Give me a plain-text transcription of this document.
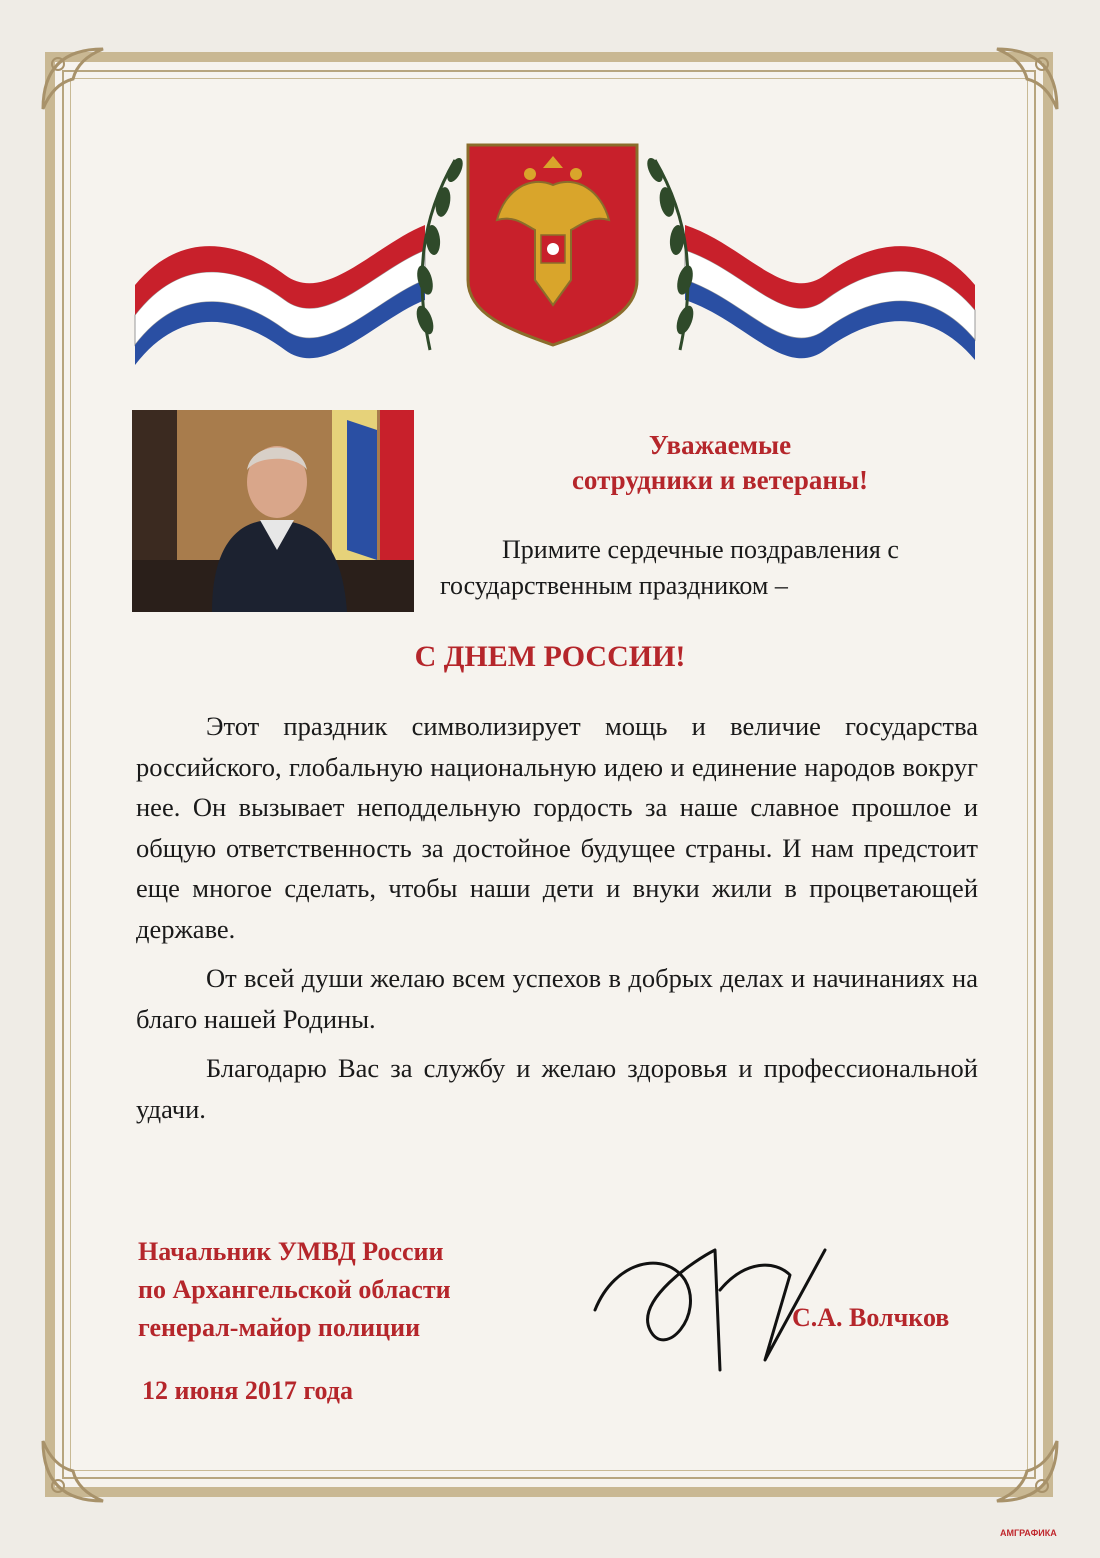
Уважаемые
сотрудники и ветераны!
Примите сердечные поздравления с
государственным праздником –
С ДНЕМ РОССИИ!

Этот праздник символизирует мощь и величие государства российского, глобальную национальную идею и единение народов вокруг нее. Он вызывает неподдельную гордость за наше славное прошлое и общую ответственность за достойное будущее страны. И нам предстоит еще многое сделать, чтобы наши дети и внуки жили в процветающей державе.

От всей души желаю всем успехов в добрых делах и начинаниях на благо нашей Родины.

Благодарю Вас за службу и желаю здоровья и профессиональной удачи.

Начальник УМВД России
по Архангельской области
генерал-майор полиции	С.А. Волчков
12 июня 2017 года
АМГРАФИКА
